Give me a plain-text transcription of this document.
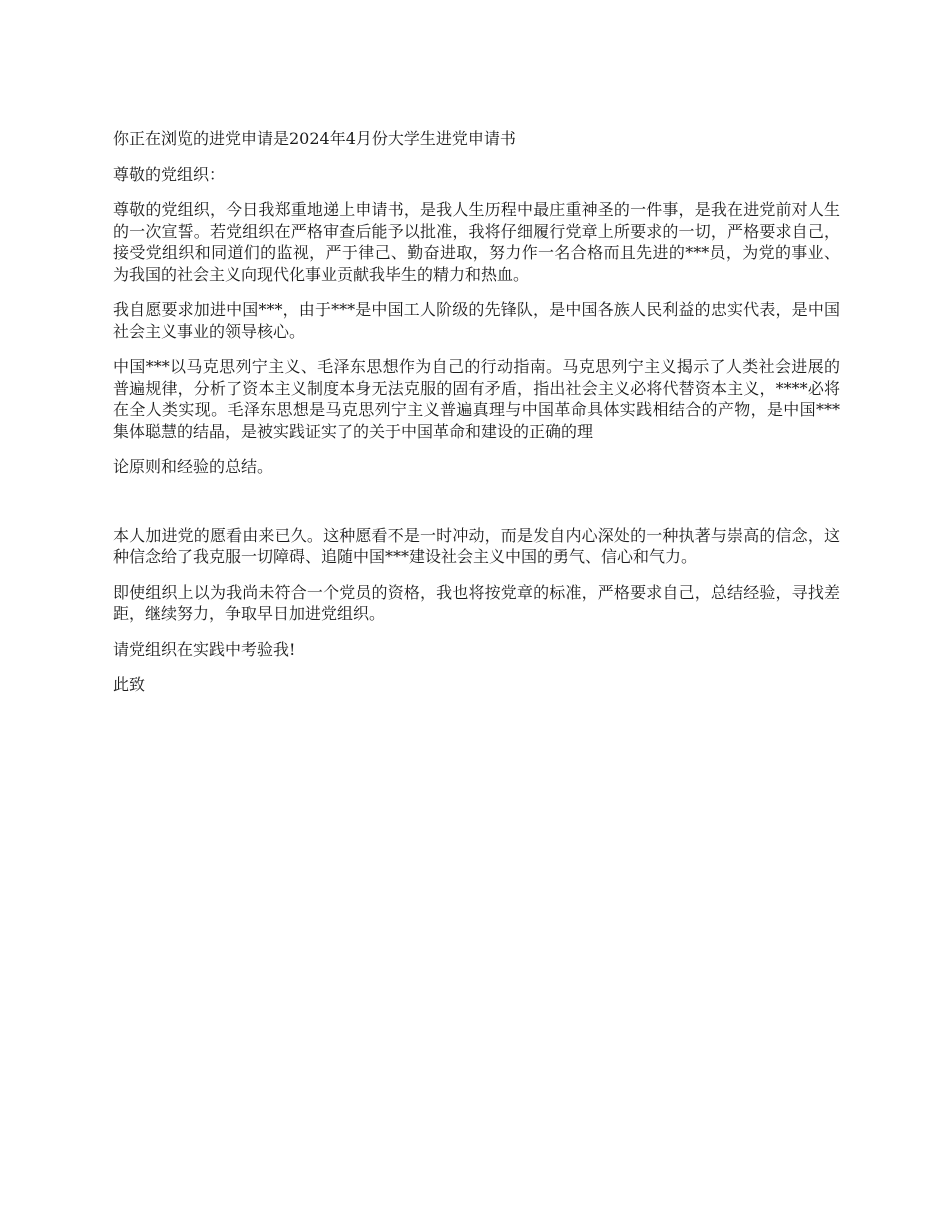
你正在浏览的进党申请是2024年4月份大学生进党申请书

尊敬的党组织：

尊敬的党组织，今日我郑重地递上申请书，是我人生历程中最庄重神圣的一件事，是我在进党前对人生的一次宣誓。若党组织在严格审查后能予以批准，我将仔细履行党章上所要求的一切，严格要求自己，接受党组织和同道们的监视，严于律己、勤奋进取，努力作一名合格而且先进的***员，为党的事业、为我国的社会主义向现代化事业贡献我毕生的精力和热血。

我自愿要求加进中国***，由于***是中国工人阶级的先锋队，是中国各族人民利益的忠实代表，是中国社会主义事业的领导核心。

中国***以马克思列宁主义、毛泽东思想作为自己的行动指南。马克思列宁主义揭示了人类社会进展的普遍规律，分析了资本主义制度本身无法克服的固有矛盾，指出社会主义必将代替资本主义，****必将在全人类实现。毛泽东思想是马克思列宁主义普遍真理与中国革命具体实践相结合的产物，是中国***集体聪慧的结晶，是被实践证实了的关于中国革命和建设的正确的理

论原则和经验的总结。

本人加进党的愿看由来已久。这种愿看不是一时冲动，而是发自内心深处的一种执著与崇高的信念，这种信念给了我克服一切障碍、追随中国***建设社会主义中国的勇气、信心和气力。

即使组织上以为我尚未符合一个党员的资格，我也将按党章的标准，严格要求自己，总结经验，寻找差距，继续努力，争取早日加进党组织。

请党组织在实践中考验我!

此致
